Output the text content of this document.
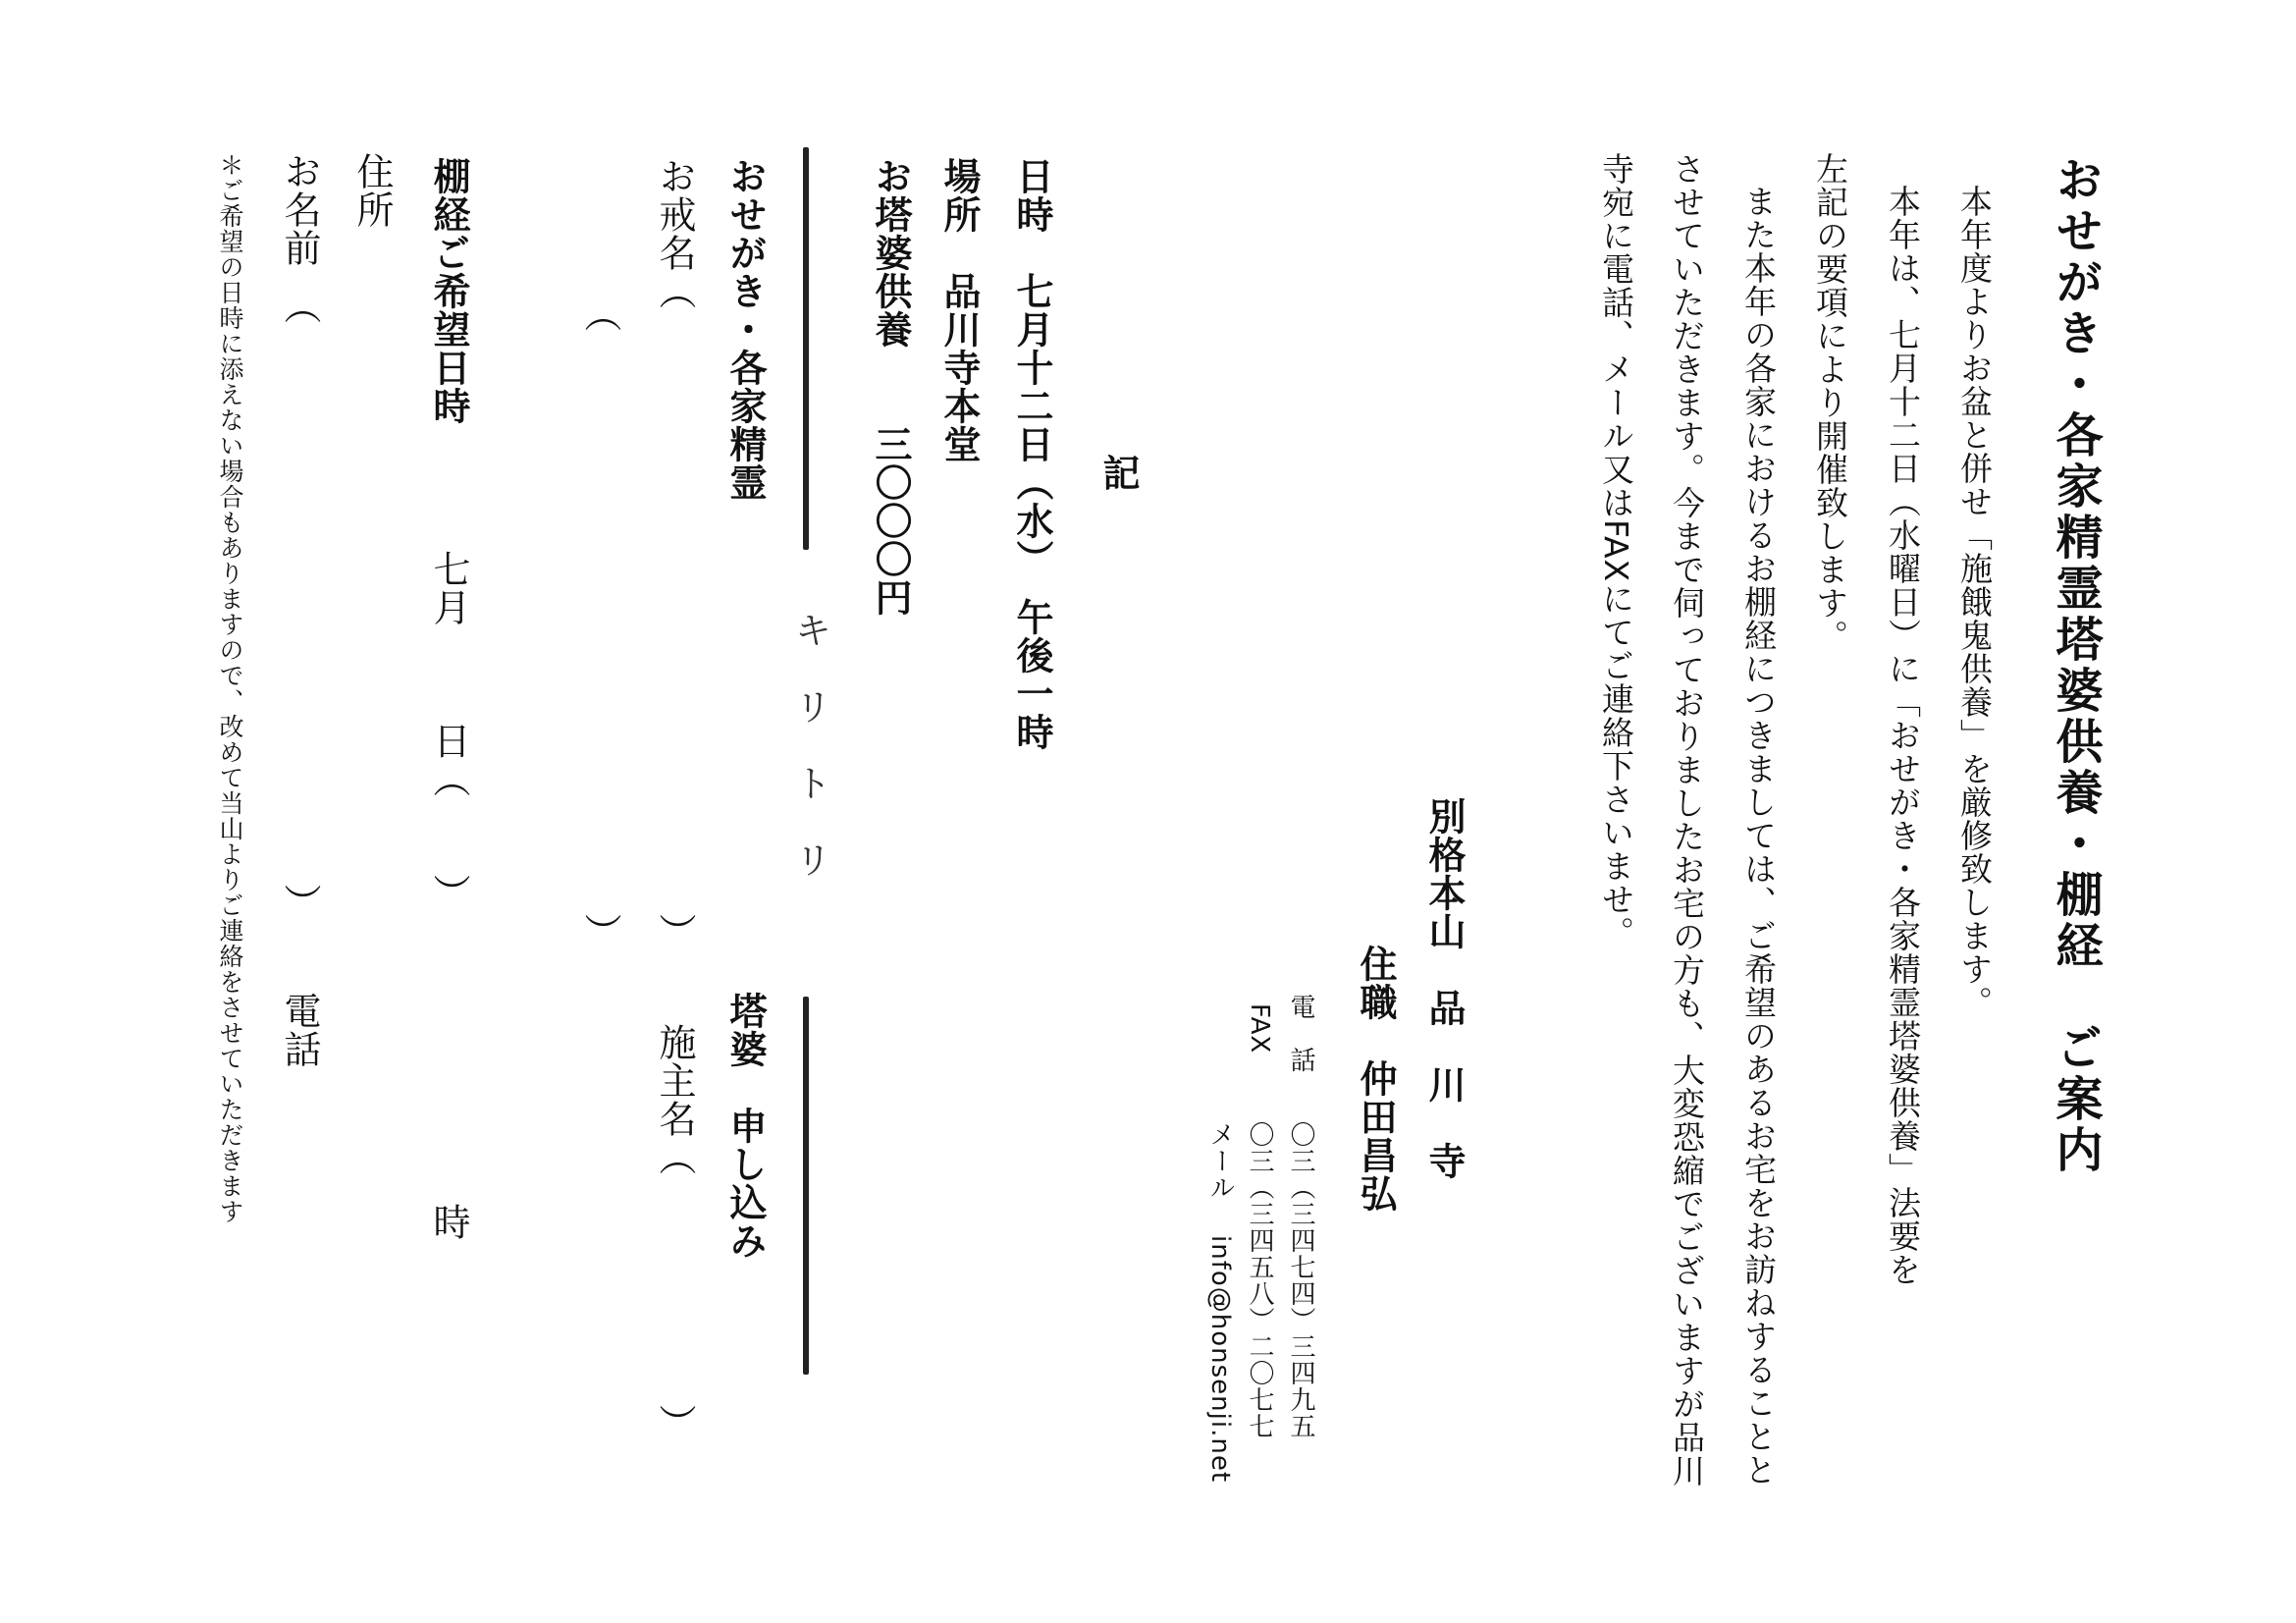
おせがき・各家精霊塔婆供養・棚経　ご案内
本年度よりお盆と併せ「施餓鬼供養」を厳修致します。
本年は、七月十二日（水曜日）に「おせがき・各家精霊塔婆供養」法要を
左記の要項により開催致します。
また本年の各家におけるお棚経につきましては、ご希望のあるお宅をお訪ねすることと
させていただきます。今まで伺っておりましたお宅の方も、大変恐縮でございますが品川
寺宛に電話、メール又はFAXにてご連絡下さいませ。
別格本山　品　川　寺
住職　仲田昌弘
電　話
〇三（三四七四）三四九五
FAX
〇三（三四五八）二〇七七
メール
info@honsenji.net
記
日時　七月十二日（水）　午後一時
場所　品川寺本堂
お塔婆供養　　三〇〇〇円
キ　リ　ト　リ
おせがき・各家精霊
塔婆　申し込み
お戒名（
）
（
）
施主名（
）
棚経ご希望日時
七月
日（
）
時
住所
お名前　（
）
電話
＊ご希望の日時に添えない場合もありますので、改めて当山よりご連絡をさせていただきます
